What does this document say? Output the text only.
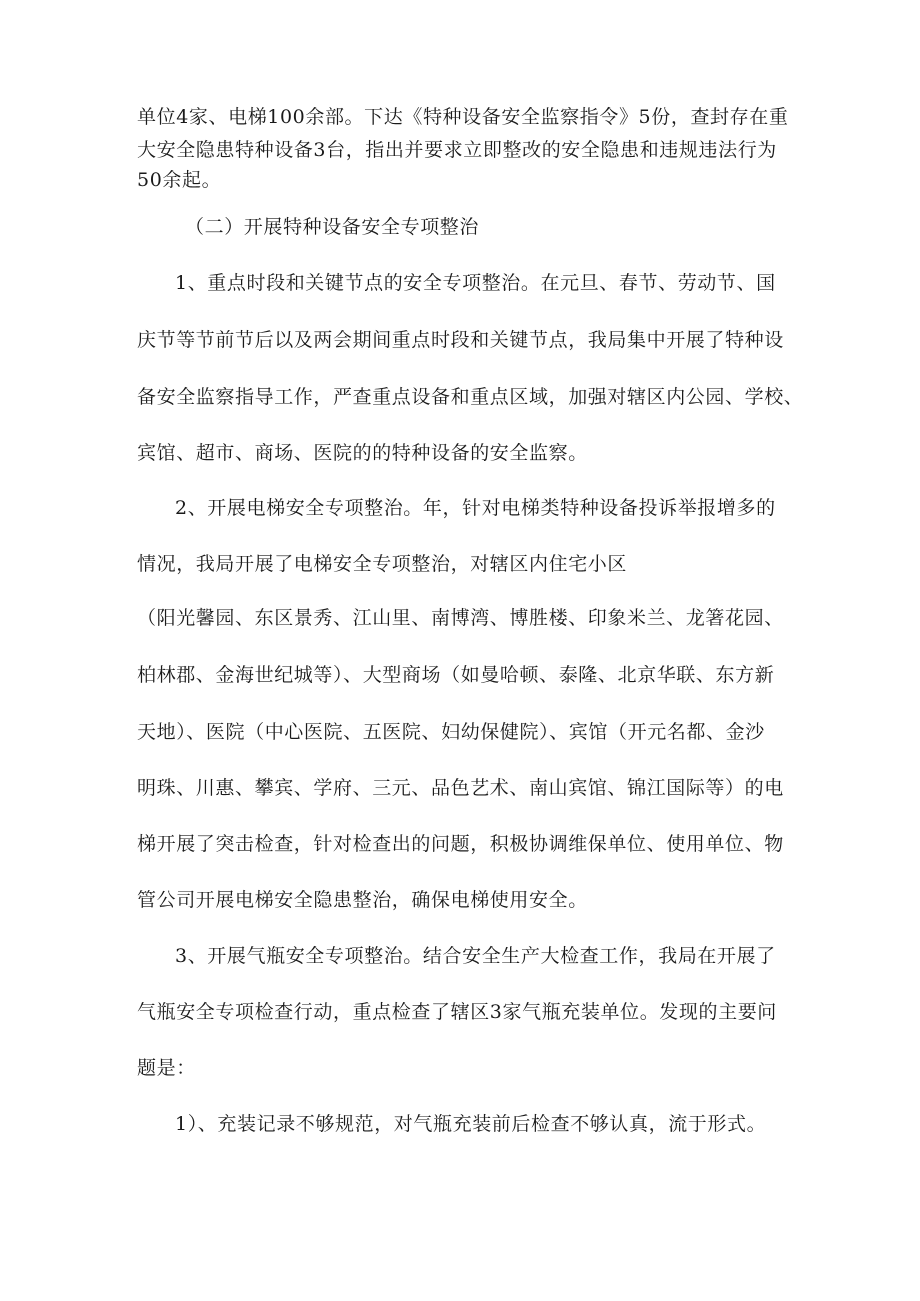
单位4家、电梯100余部。下达《特种设备安全监察指令》5份，查封存在重
大安全隐患特种设备3台，指出并要求立即整改的安全隐患和违规违法行为
50余起。
（二）开展特种设备安全专项整治
1、重点时段和关键节点的安全专项整治。在元旦、春节、劳动节、国
庆节等节前节后以及两会期间重点时段和关键节点，我局集中开展了特种设
备安全监察指导工作，严查重点设备和重点区域，加强对辖区内公园、学校、
宾馆、超市、商场、医院的的特种设备的安全监察。
2、开展电梯安全专项整治。年，针对电梯类特种设备投诉举报增多的
情况，我局开展了电梯安全专项整治，对辖区内住宅小区
（阳光馨园、东区景秀、江山里、南博湾、博胜楼、印象米兰、龙箸花园、
柏林郡、金海世纪城等）、大型商场（如曼哈顿、泰隆、北京华联、东方新
天地）、医院（中心医院、五医院、妇幼保健院）、宾馆（开元名都、金沙
明珠、川惠、攀宾、学府、三元、品色艺术、南山宾馆、锦江国际等）的电
梯开展了突击检查，针对检查出的问题，积极协调维保单位、使用单位、物
管公司开展电梯安全隐患整治，确保电梯使用安全。
3、开展气瓶安全专项整治。结合安全生产大检查工作，我局在开展了
气瓶安全专项检查行动，重点检查了辖区3家气瓶充装单位。发现的主要问
题是：
1）、充装记录不够规范，对气瓶充装前后检查不够认真，流于形式。
